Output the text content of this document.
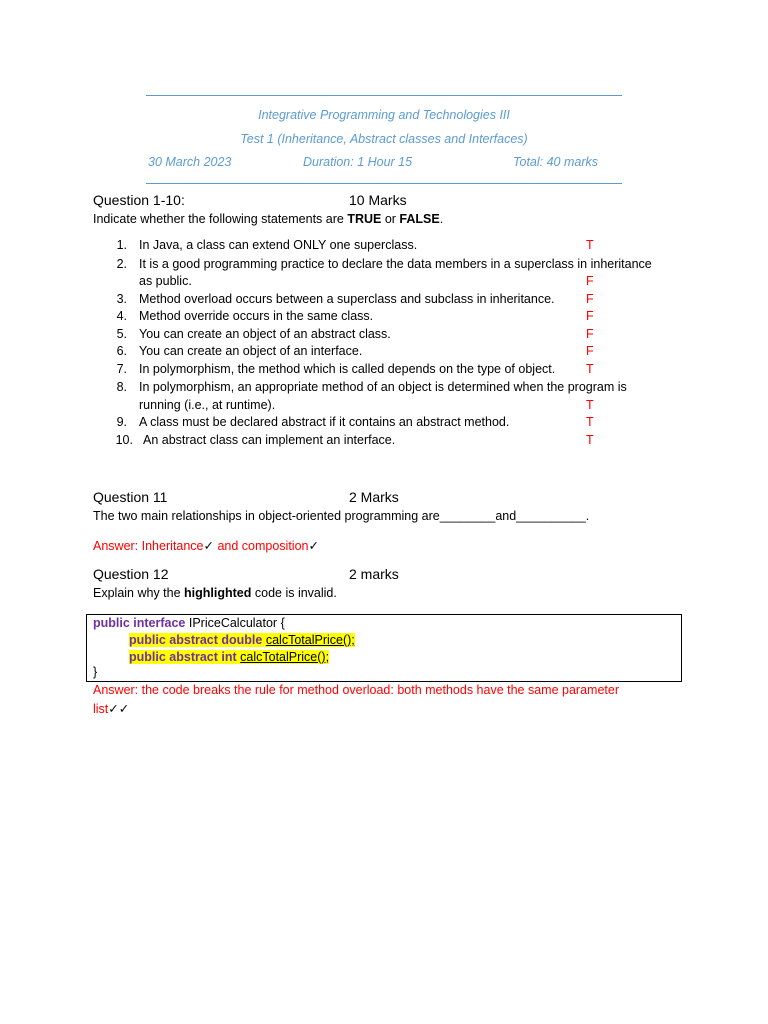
Integrative Programming and Technologies III
Test 1 (Inheritance, Abstract classes and Interfaces)
30 March 2023	Duration: 1 Hour 15	Total: 40 marks
Question 1-10:	10 Marks
Indicate whether the following statements are TRUE or FALSE.
1. In Java, a class can extend ONLY one superclass.	T
2. It is a good programming practice to declare the data members in a superclass in inheritance
as public.	F
3. Method overload occurs between a superclass and subclass in inheritance.	F
4. Method override occurs in the same class.	F
5. You can create an object of an abstract class.	F
6. You can create an object of an interface.	F
7. In polymorphism, the method which is called depends on the type of object. T
8. In polymorphism, an appropriate method of an object is determined when the program is
running (i.e., at runtime).	T
9. A class must be declared abstract if it contains an abstract method.	T
10. An abstract class can implement an interface.	T
Question 11	2 Marks
The two main relationships in object-oriented programming are________and__________.
Answer: Inheritance✓ and composition✓
Question 12	2 marks
Explain why the highlighted code is invalid.
public interface IPriceCalculator {
public abstract double calcTotalPrice();
public abstract int calcTotalPrice();
}
Answer: the code breaks the rule for method overload: both methods have the same parameter
list✓✓
